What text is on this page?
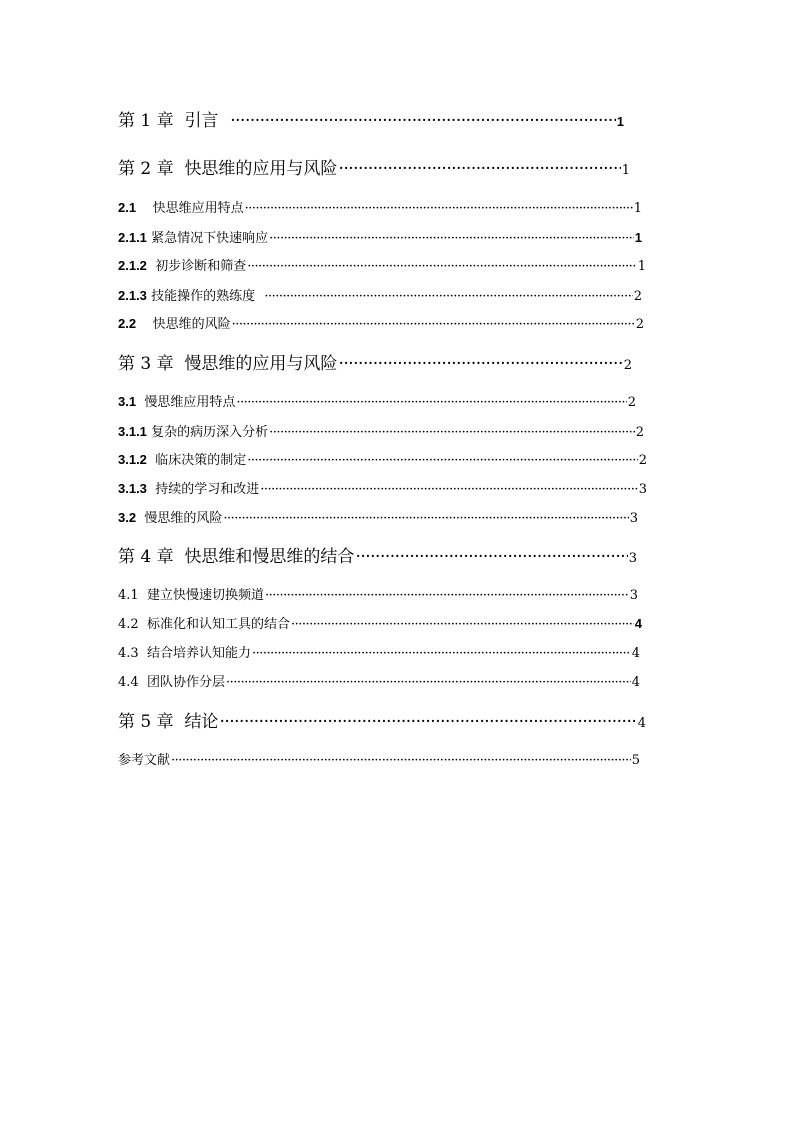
第 1 章 引言 ·····	1
第 2 章 快思维的应用与风险 ·····	1
2.1 快思维应用特点 ·····	1
2.1.1 紧急情况下快速响应 ·····	1
2.1.2 初步诊断和筛查 ·····	1
2.1.3 技能操作的熟练度 ·····	2
2.2 快思维的风险 ·····	2
第 3 章 慢思维的应用与风险 ·····	2
3.1 慢思维应用特点 ·····	2
3.1.1 复杂的病历深入分析 ·····	2
3.1.2 临床决策的制定 ·····	2
3.1.3 持续的学习和改进 ·····	3
3.2 慢思维的风险 ·····	3
第 4 章 快思维和慢思维的结合 ·····	3
4.1 建立快慢速切换频道 ·····	3
4.2 标准化和认知工具的结合 ·····	4
4.3 结合培养认知能力 ·····	4
4.4 团队协作分层 ·····	4
第 5 章 结论 ·····	4
参考文献 ·····	5
